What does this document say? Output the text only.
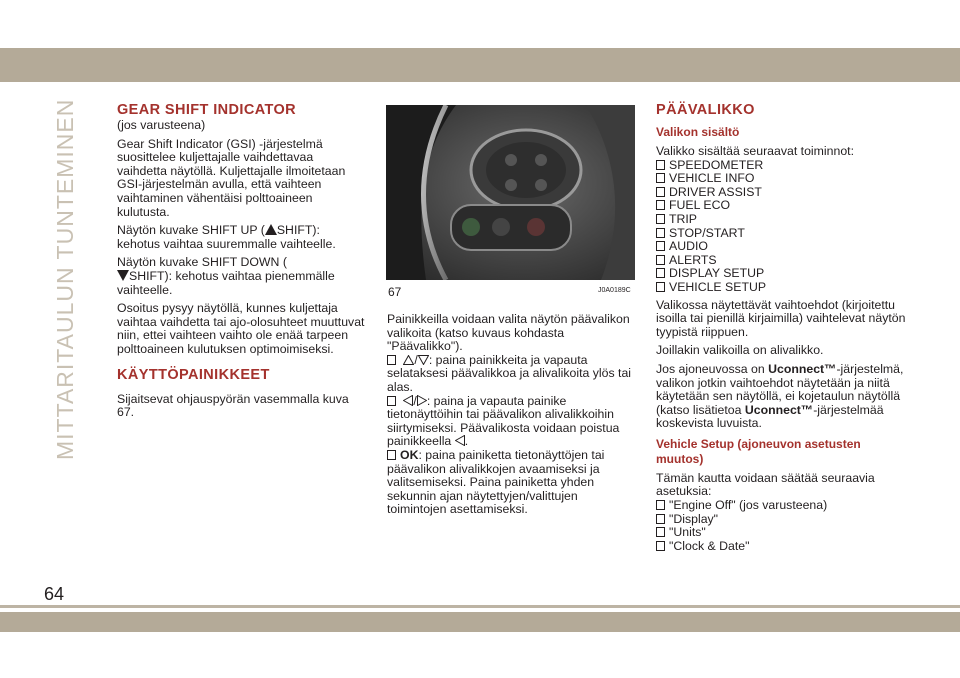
MITTARITAULUN TUNTEMINEN
64
GEAR SHIFT INDICATOR

(jos varusteena)

Gear Shift Indicator (GSI) -järjestelmä suosittelee kuljettajalle vaihdettavaa vaihdetta näytöllä. Kuljettajalle ilmoitetaan GSI-järjestelmän avulla, että vaihteen vaihtaminen vähentäisi polttoaineen kulutusta.

Näytön kuvake SHIFT UP ( SHIFT):
kehotus vaihtaa suuremmalle vaihteelle.

Näytön kuvake SHIFT DOWN (
SHIFT): kehotus vaihtaa pienemmälle vaihteelle.

Osoitus pysyy näytöllä, kunnes kuljettaja vaihtaa vaihdetta tai ajo-olosuhteet muuttuvat niin, ettei vaihteen vaihto ole enää tarpeen polttoaineen kulutuksen optimoimiseksi.

KÄYTTÖPAINIKKEET

Sijaitsevat ohjauspyörän vasemmalla kuva 67.

67	J0A0189C

Painikkeilla voidaan valita näytön päävalikon valikoita (katso kuvaus kohdasta "Päävalikko").

/ : paina painikkeita ja vapauta selataksesi päävalikkoa ja alivalikoita ylös tai alas.

/ : paina ja vapauta painike tietonäyttöihin tai päävalikon alivalikkoihin siirtymiseksi. Päävalikosta voidaan poistua painikkeella .

OK: paina painiketta tietonäyttöjen tai päävalikon alivalikkojen avaamiseksi ja valitsemiseksi. Paina painiketta yhden sekunnin ajan näytettyjen/valittujen toimintojen asettamiseksi.

PÄÄVALIKKO
Valikon sisältö

Valikko sisältää seuraavat toiminnot:

SPEEDOMETER
VEHICLE INFO
DRIVER ASSIST
FUEL ECO
TRIP
STOP/START
AUDIO
ALERTS
DISPLAY SETUP
VEHICLE SETUP

Valikossa näytettävät vaihtoehdot (kirjoitettu isoilla tai pienillä kirjaimilla) vaihtelevat näytön tyypistä riippuen.

Joillakin valikoilla on alivalikko.

Jos ajoneuvossa on Uconnect™-järjestelmä, valikon jotkin vaihtoehdot näytetään ja niitä käytetään sen näytöllä, ei kojetaulun näytöllä (katso lisätietoa Uconnect™-järjestelmää koskevista luvuista.

Vehicle Setup (ajoneuvon asetusten muutos)

Tämän kautta voidaan säätää seuraavia asetuksia:

"Engine Off" (jos varusteena)
"Display"
"Units"
"Clock & Date"
